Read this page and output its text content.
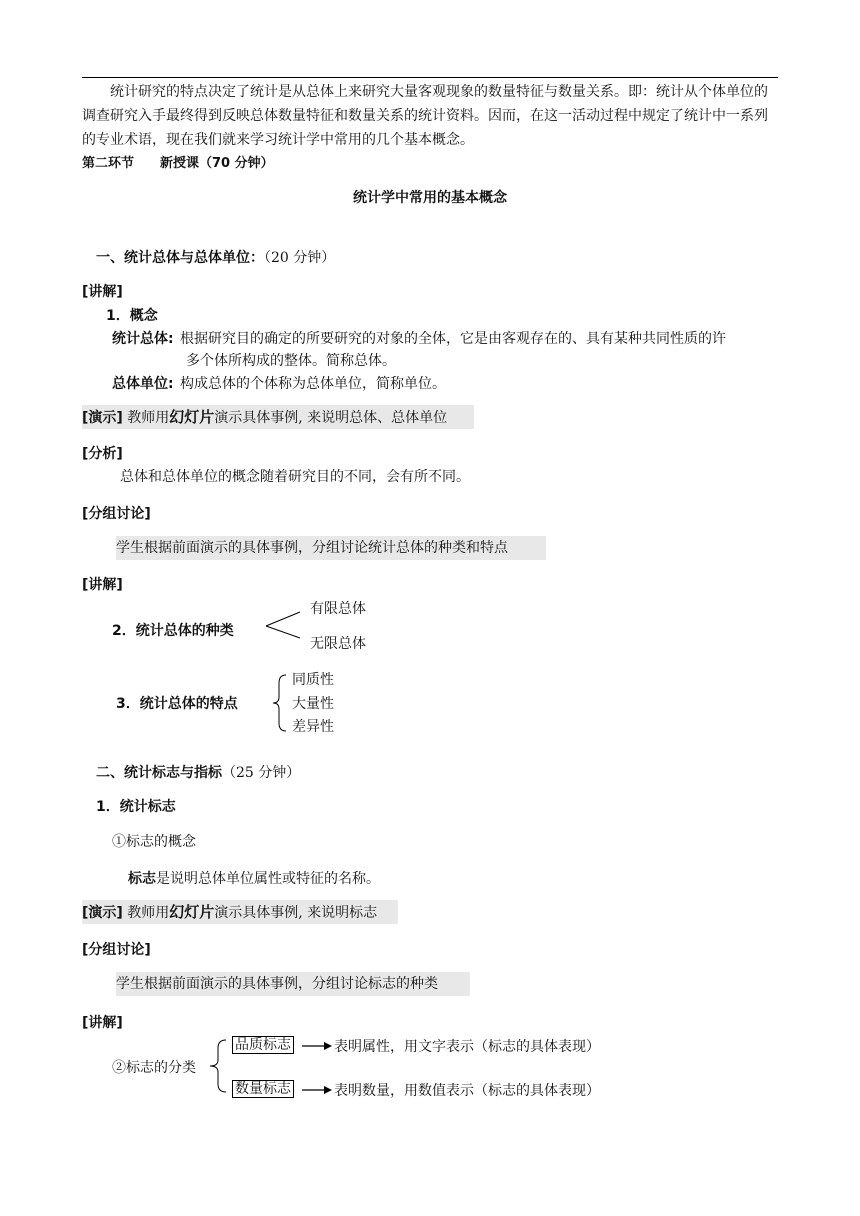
统计研究的特点决定了统计是从总体上来研究大量客观现象的数量特征与数量关系。即：统计从个体单位的调查研究入手最终得到反映总体数量特征和数量关系的统计资料。因而，在这一活动过程中规定了统计中一系列的专业术语，现在我们就来学习统计学中常用的几个基本概念。
第二环节　　新授课（70 分钟）
统计学中常用的基本概念
一、统计总体与总体单位：（20 分钟）
[讲解]
1．概念
统计总体: 根据研究目的确定的所要研究的对象的全体，它是由客观存在的、具有某种共同性质的许
多个体所构成的整体。简称总体。
总体单位: 构成总体的个体称为总体单位，简称单位。
[演示] 教师用幻灯片演示具体事例, 来说明总体、总体单位
[分析]
总体和总体单位的概念随着研究目的不同，会有所不同。
[分组讨论]
学生根据前面演示的具体事例，分组讨论统计总体的种类和特点
[讲解]
2．统计总体的种类
有限总体
无限总体
3．统计总体的特点
同质性
大量性
差异性
二、统计标志与指标（25 分钟）
1．统计标志
①标志的概念
标志是说明总体单位属性或特征的名称。
[演示] 教师用幻灯片演示具体事例, 来说明标志
[分组讨论]
学生根据前面演示的具体事例，分组讨论标志的种类
[讲解]
②标志的分类
品质标志	表明属性，用文字表示（标志的具体表现）
数量标志	表明数量，用数值表示（标志的具体表现）
